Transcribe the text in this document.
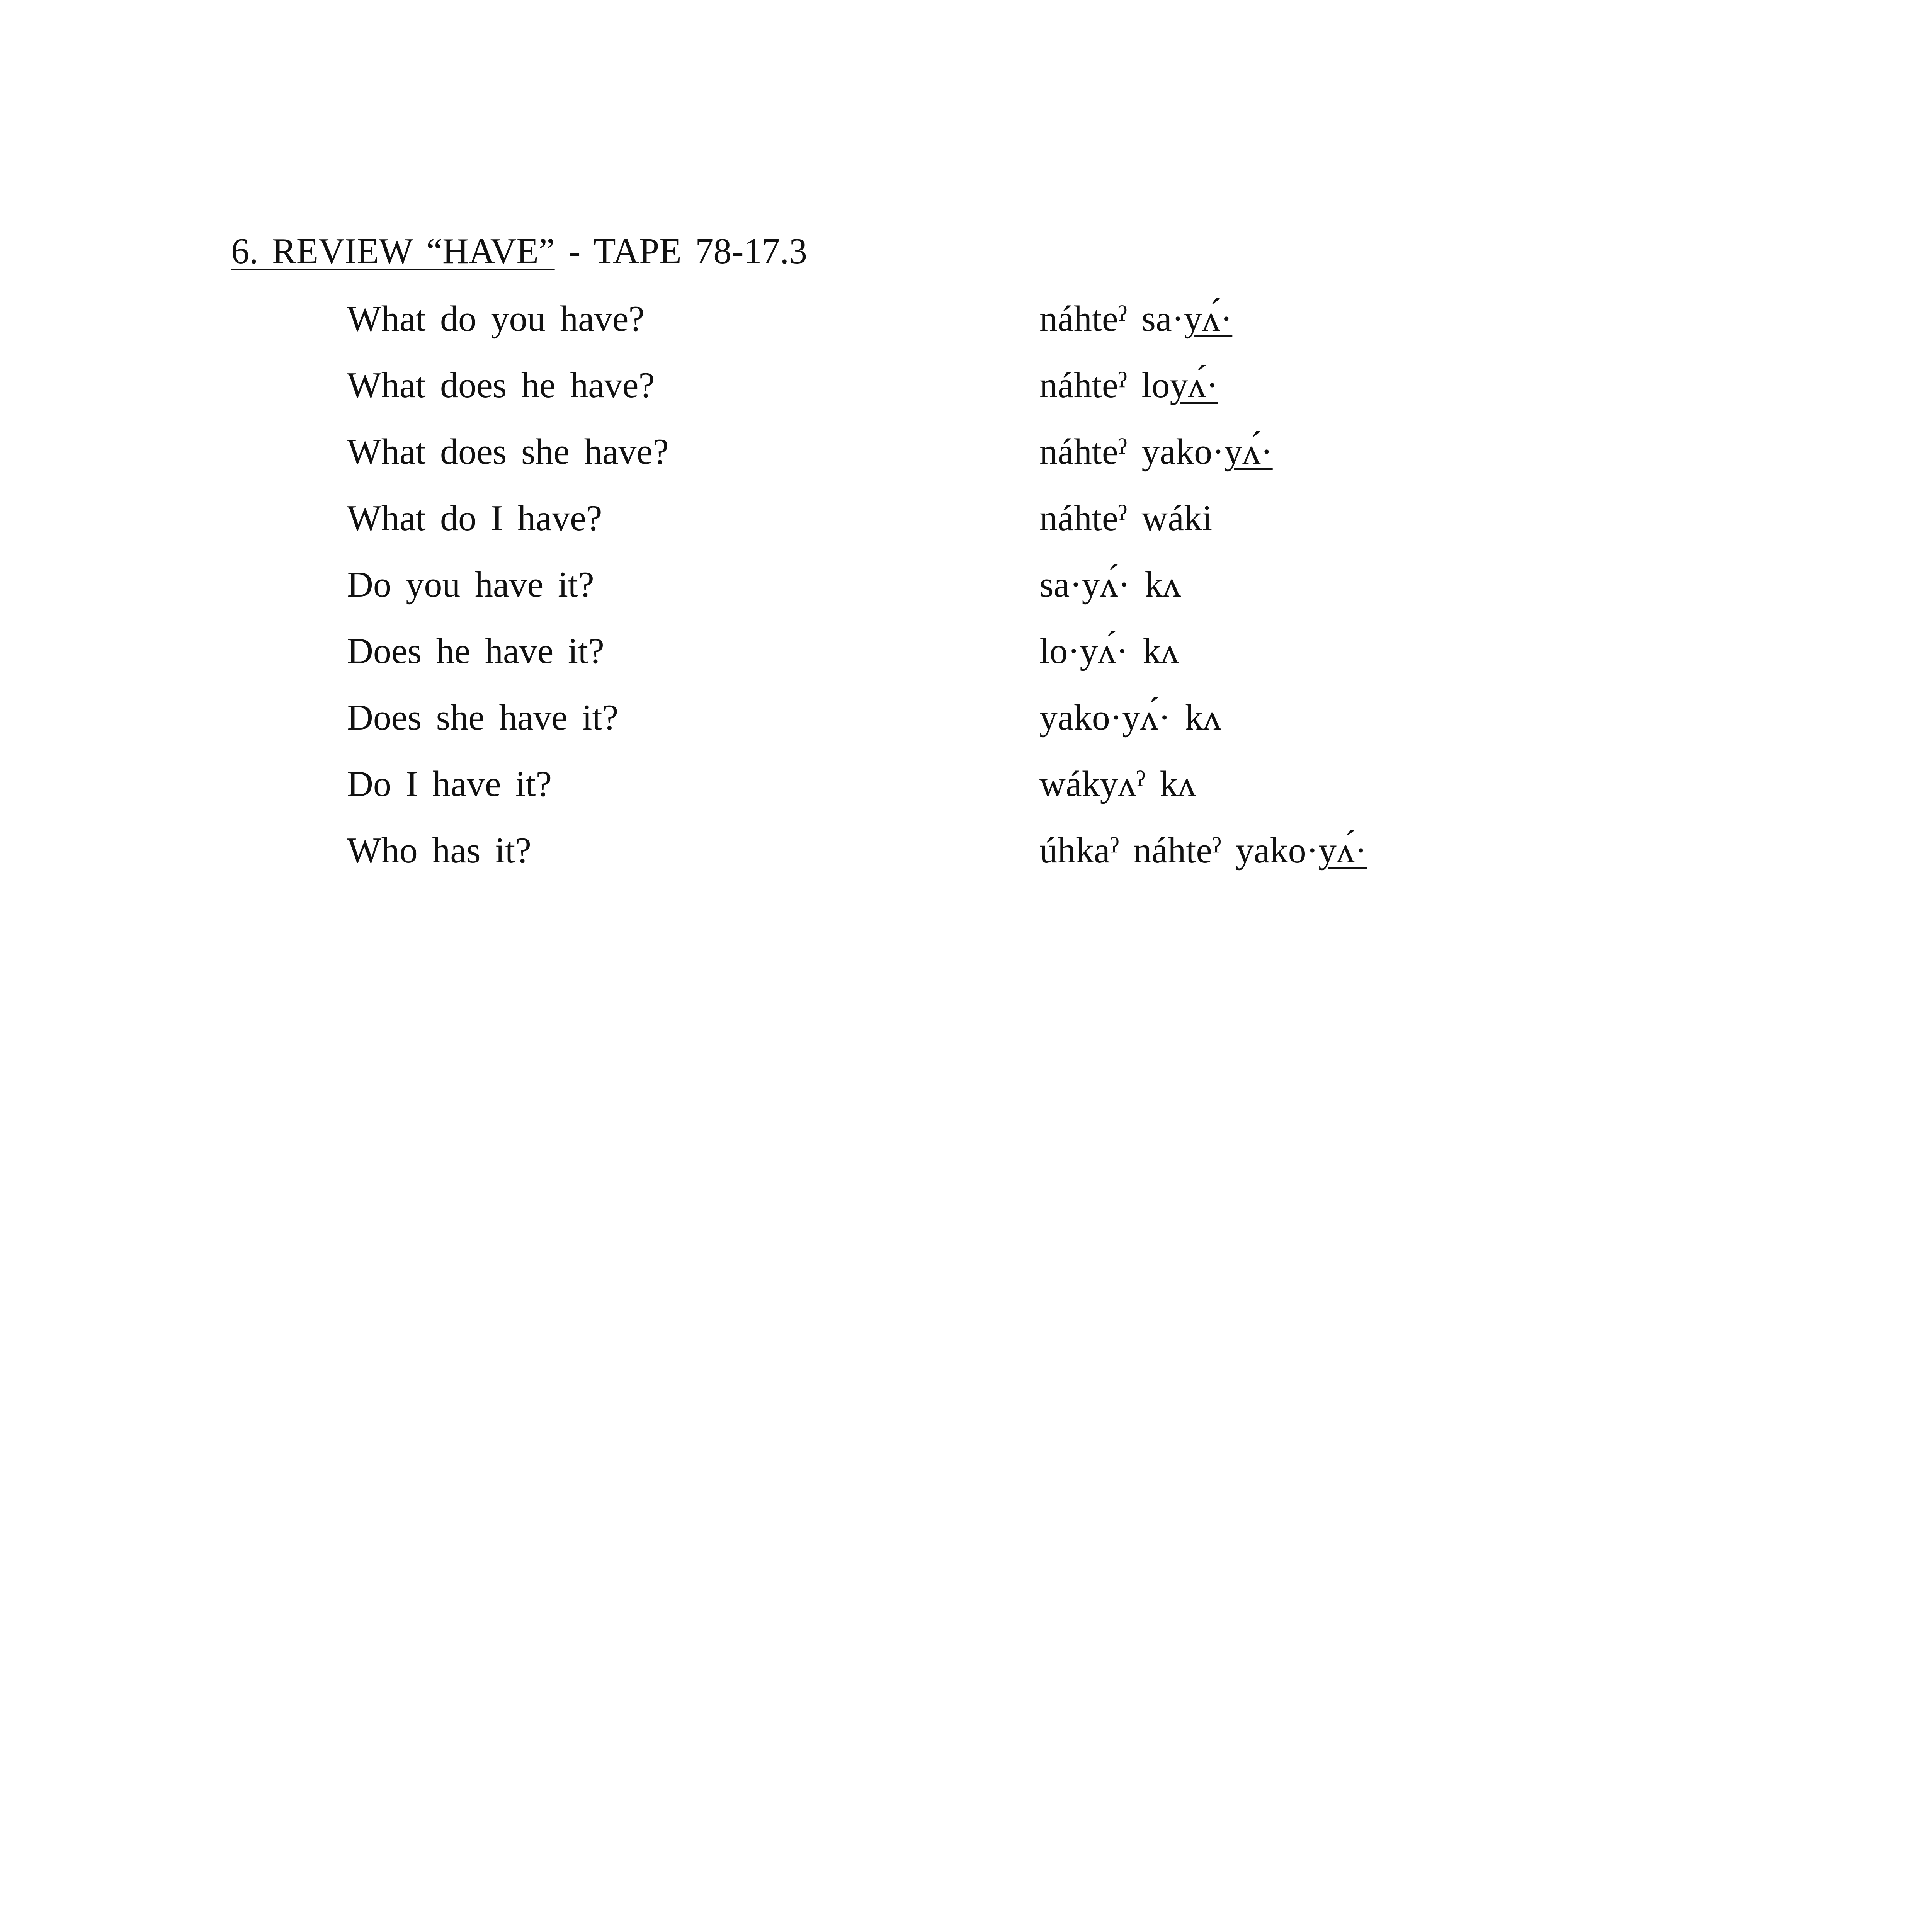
6. REVIEW “HAVE” - TAPE 78-17.3

What do you have?

	náhteˀ sa·yʌ́·

What does he have?

	náhteˀ loyʌ́·

What does she have?

	náhteˀ yako·yʌ́·

What do I have?

	náhteˀ wáki

Do you have it?

	sa·yʌ́· kʌ

Does he have it?

	lo·yʌ́· kʌ

Does she have it?

	yako·yʌ́· kʌ

Do I have it?

	wákyʌˀ kʌ

Who has it?

	úhkaˀ náhteˀ yako·yʌ́·
